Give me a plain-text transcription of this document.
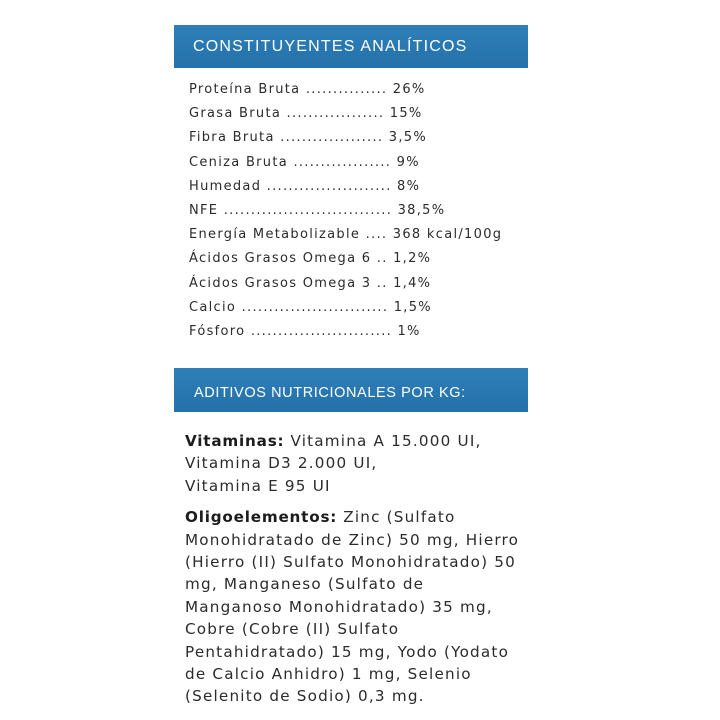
CONSTITUYENTES ANALÍTICOS
Proteína Bruta ............... 26%
Grasa Bruta .................. 15%
Fibra Bruta ................... 3,5%
Ceniza Bruta .................. 9%
Humedad ....................... 8%
NFE ............................... 38,5%
Energía Metabolizable .... 368 kcal/100g
Ácidos Grasos Omega 6 .. 1,2%
Ácidos Grasos Omega 3 .. 1,4%
Calcio ........................... 1,5%
Fósforo .......................... 1%
ADITIVOS NUTRICIONALES POR KG:
Vitaminas: Vitamina A 15.000 UI,
Vitamina D3 2.000 UI,
Vitamina E 95 UI
Oligoelementos: Zinc (Sulfato
Monohidratado de Zinc) 50 mg, Hierro
(Hierro (II) Sulfato Monohidratado) 50
mg, Manganeso (Sulfato de
Manganoso Monohidratado) 35 mg,
Cobre (Cobre (II) Sulfato
Pentahidratado) 15 mg, Yodo (Yodato
de Calcio Anhidro) 1 mg, Selenio
(Selenito de Sodio) 0,3 mg.
